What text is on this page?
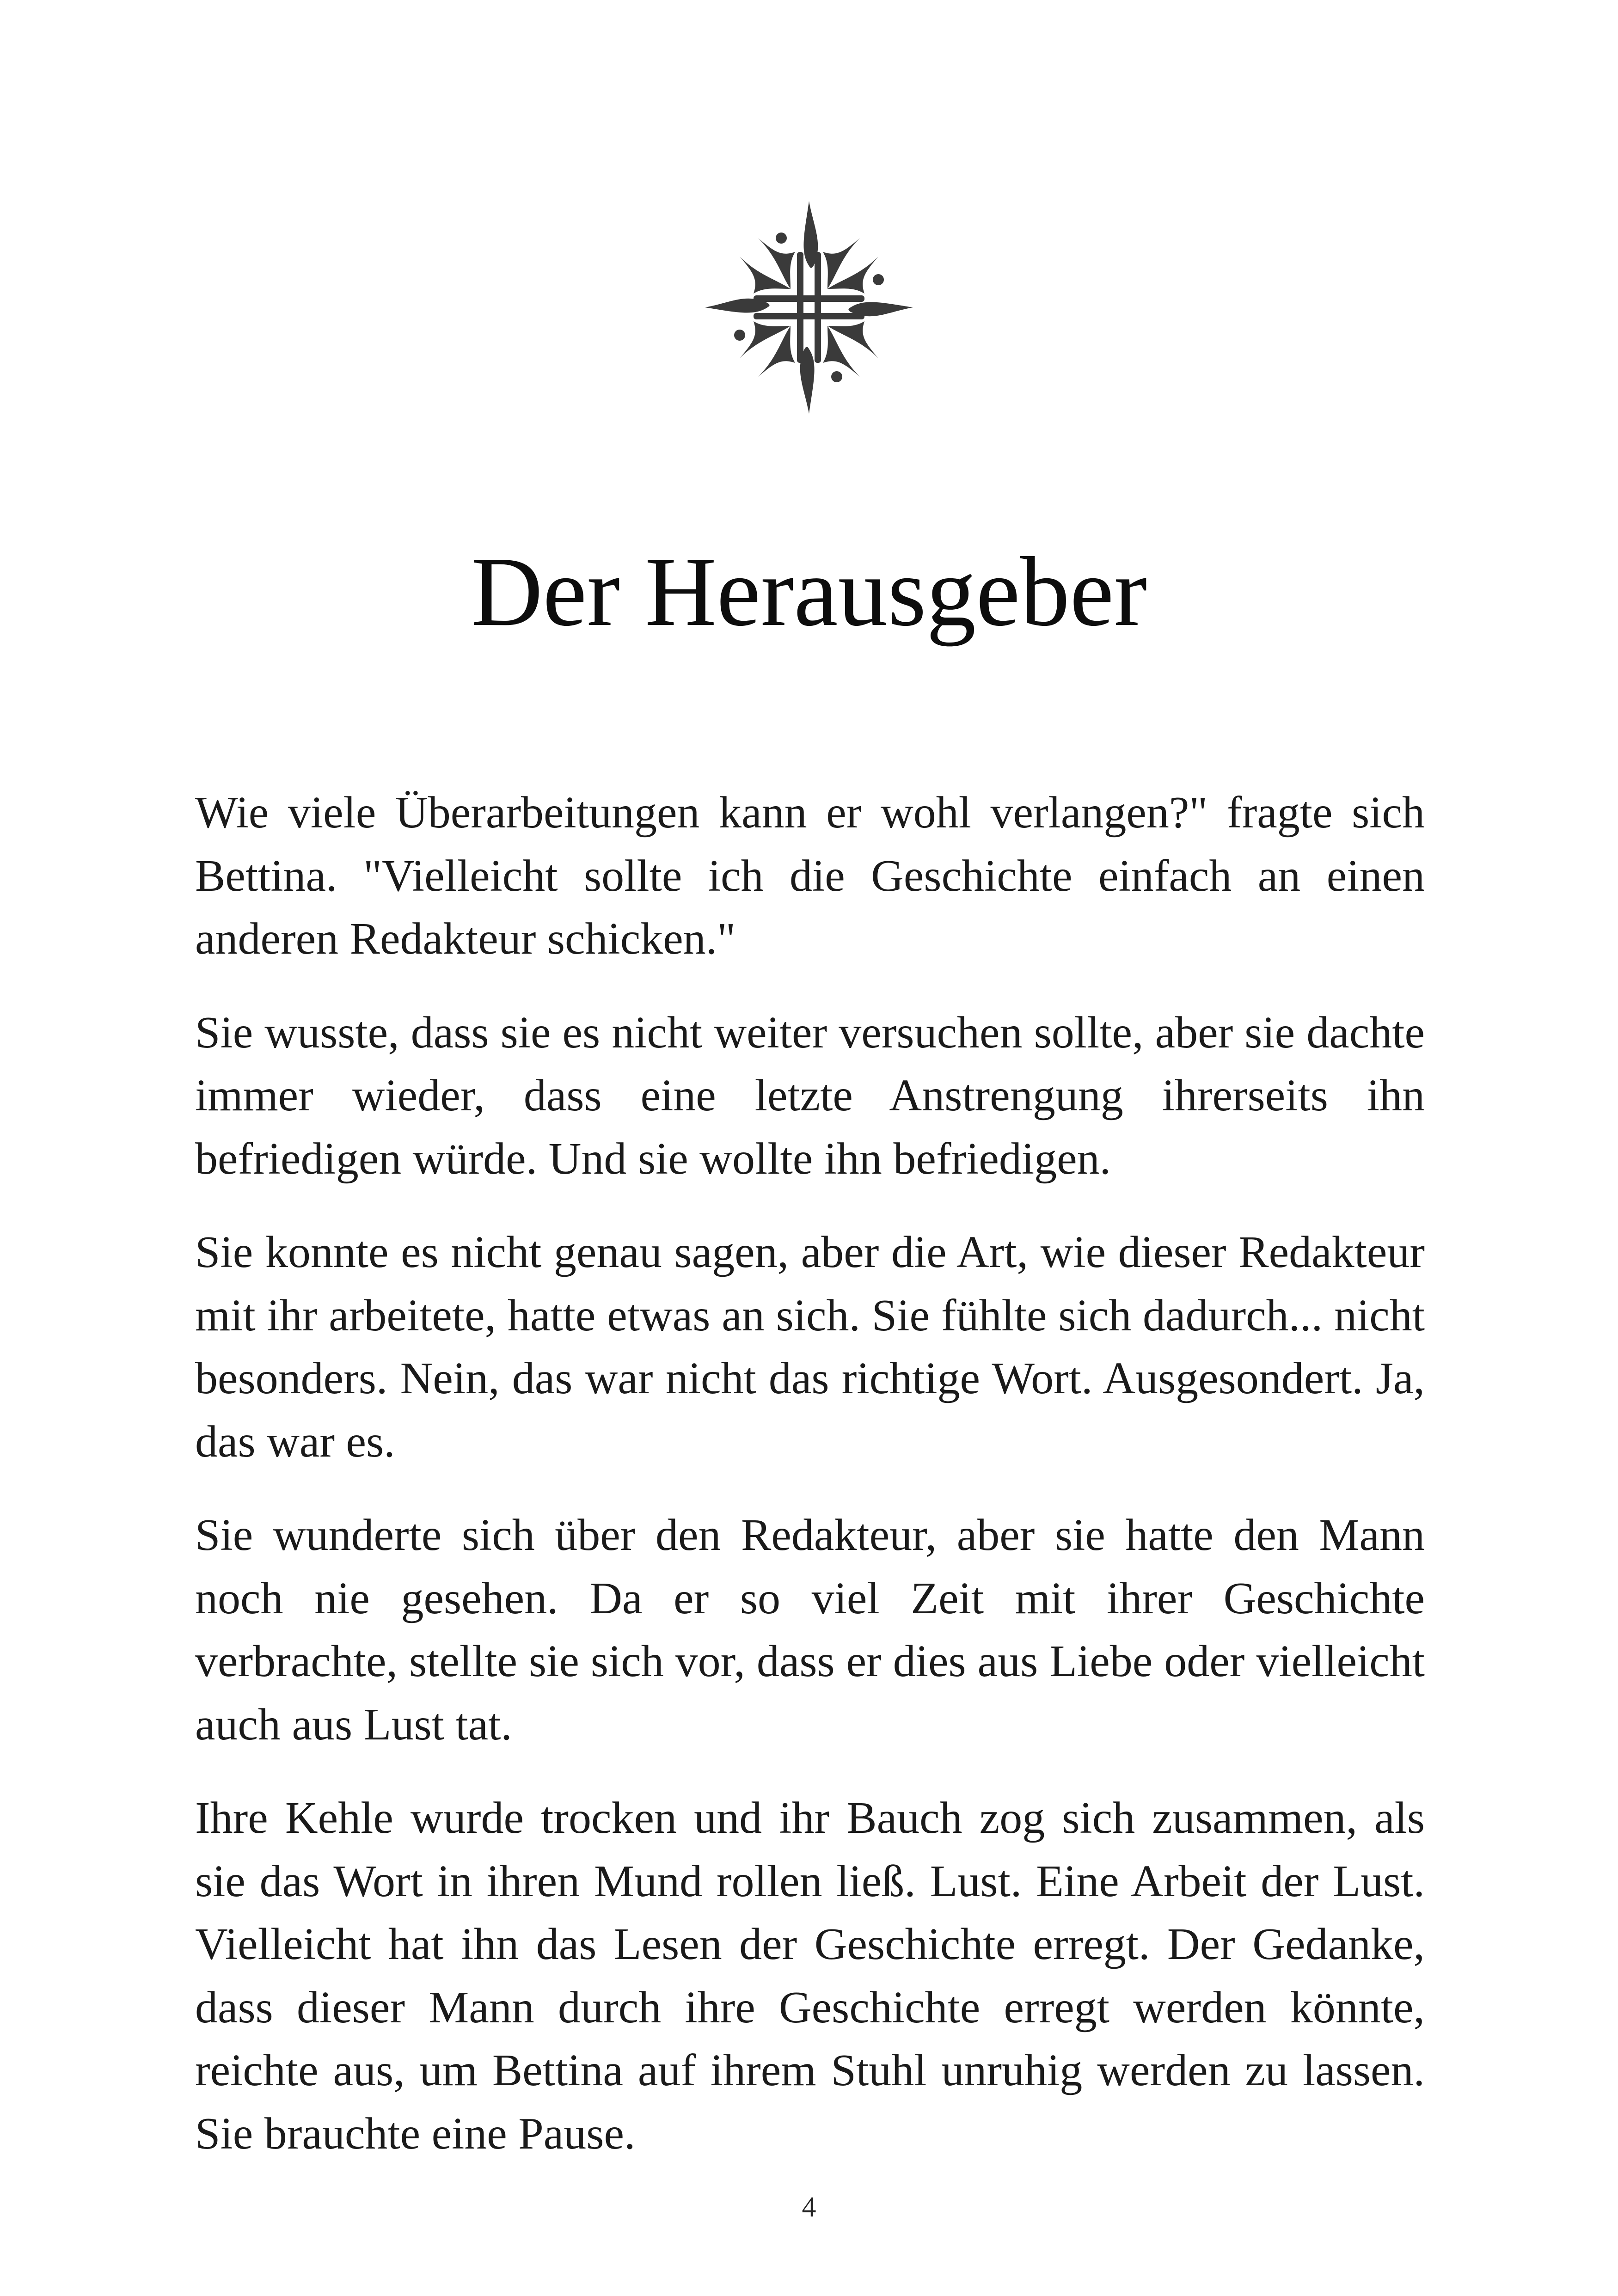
Der Herausgeber

Wie viele Überarbeitungen kann er wohl verlangen?" fragte sich Bettina. "Vielleicht sollte ich die Geschichte einfach an einen anderen Redakteur schicken."

Sie wusste, dass sie es nicht weiter versuchen sollte, aber sie dachte immer wieder, dass eine letzte Anstrengung ihrerseits ihn befriedigen würde. Und sie wollte ihn befriedigen.

Sie konnte es nicht genau sagen, aber die Art, wie dieser Redakteur mit ihr arbeitete, hatte etwas an sich. Sie fühlte sich dadurch... nicht besonders. Nein, das war nicht das richtige Wort. Ausgesondert. Ja, das war es.

Sie wunderte sich über den Redakteur, aber sie hatte den Mann noch nie gesehen. Da er so viel Zeit mit ihrer Geschichte verbrachte, stellte sie sich vor, dass er dies aus Liebe oder vielleicht auch aus Lust tat.

Ihre Kehle wurde trocken und ihr Bauch zog sich zusammen, als sie das Wort in ihren Mund rollen ließ. Lust. Eine Arbeit der Lust. Vielleicht hat ihn das Lesen der Geschichte erregt. Der Gedanke, dass dieser Mann durch ihre Geschichte erregt werden könnte, reichte aus, um Bettina auf ihrem Stuhl unruhig werden zu lassen. Sie brauchte eine Pause.

4
